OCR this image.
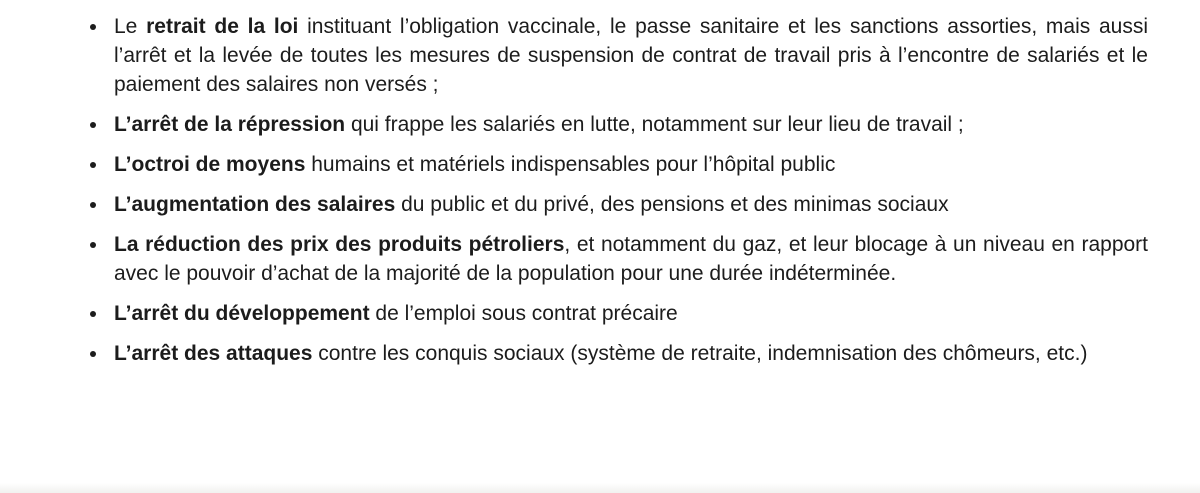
Le retrait de la loi instituant l’obligation vaccinale, le passe sanitaire et les sanctions assorties, mais aussi l’arrêt et la levée de toutes les mesures de suspension de contrat de travail pris à l’encontre de salariés et le paiement des salaires non versés ;
L’arrêt de la répression qui frappe les salariés en lutte, notamment sur leur lieu de travail ;
L’octroi de moyens humains et matériels indispensables pour l’hôpital public
L’augmentation des salaires du public et du privé, des pensions et des minimas sociaux
La réduction des prix des produits pétroliers, et notamment du gaz, et leur blocage à un niveau en rapport avec le pouvoir d’achat de la majorité de la population pour une durée indéterminée.
L’arrêt du développement de l’emploi sous contrat précaire
L’arrêt des attaques contre les conquis sociaux (système de retraite, indemnisation des chômeurs, etc.)
